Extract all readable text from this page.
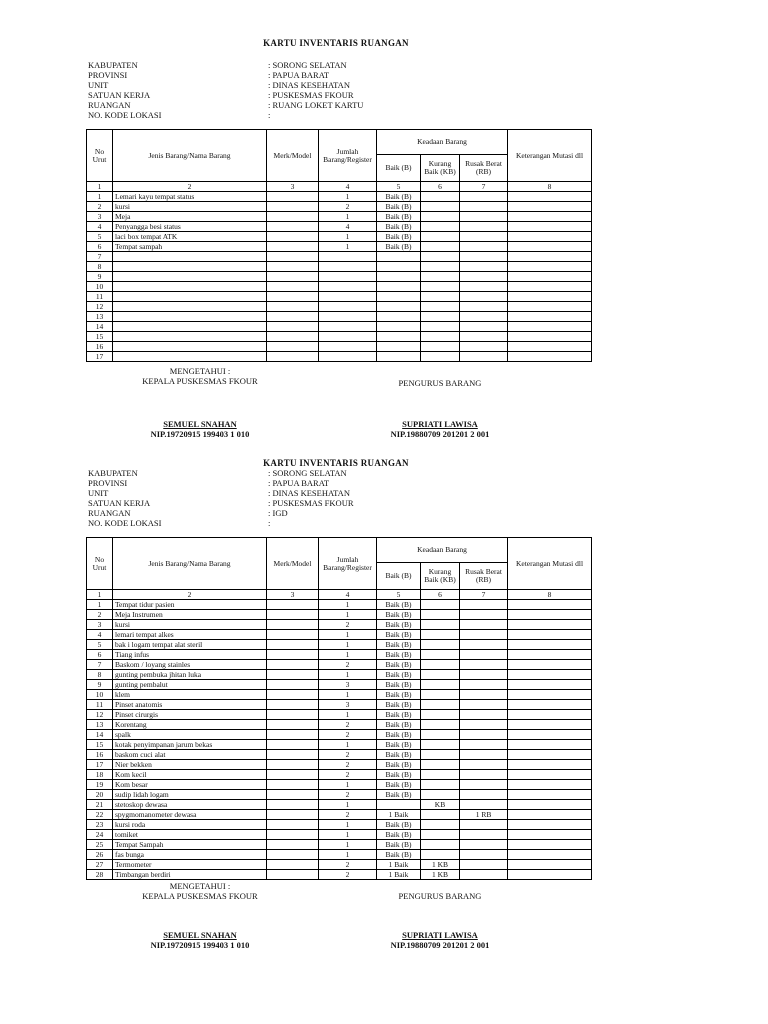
KARTU INVENTARIS RUANGAN
KABUPATEN	: SORONG SELATAN
PROVINSI	: PAPUA BARAT
UNIT	: DINAS KESEHATAN
SATUAN KERJA	: PUSKESMAS FKOUR
RUANGAN	: RUANG LOKET KARTU
NO. KODE LOKASI	:
No Urut	Jenis Barang/Nama Barang	Merk/Model	Jumlah Barang/Register	Keadaan Barang			Keterangan Mutasi dll
				Baik (B)	Kurang Baik (KB)	Rusak Berat (RB)	
1	2	3	4	5	6	7	8
1	Lemari kayu tempat status		1	Baik (B)			
2	kursi		2	Baik (B)			
3	Meja		1	Baik (B)			
4	Penyangga besi status		4	Baik (B)			
5	laci box tempat ATK		1	Baik (B)			
6	Tempat sampah		1	Baik (B)			
7							
8							
9							
10							
11							
12							
13							
14							
15							
16							
17							
MENGETAHUI :
KEPALA PUSKESMAS FKOUR	PENGURUS BARANG
SEMUEL SNAHAN
NIP.19720915 199403 1 010
SUPRIATI LAWISA
NIP.19880709 201201 2 001
KARTU INVENTARIS RUANGAN
KABUPATEN	: SORONG SELATAN
PROVINSI	: PAPUA BARAT
UNIT	: DINAS KESEHATAN
SATUAN KERJA	: PUSKESMAS FKOUR
RUANGAN	: IGD
NO. KODE LOKASI	:
No Urut	Jenis Barang/Nama Barang	Merk/Model	Jumlah Barang/Register	Keadaan Barang			Keterangan Mutasi dll
				Baik (B)	Kurang Baik (KB)	Rusak Berat (RB)	
1	2	3	4	5	6	7	8
1	Tempat tidur pasien		1	Baik (B)			
2	Meja Instrumen		1	Baik (B)			
3	kursi		2	Baik (B)			
4	lemari tempat alkes		1	Baik (B)			
5	bak i logam tempat alat steril		1	Baik (B)			
6	Tiang infus		1	Baik (B)			
7	Baskom / loyang stainles		2	Baik (B)			
8	gunting pembuka jhitan luka		1	Baik (B)			
9	gunting pembalut		3	Baik (B)			
10	klem		1	Baik (B)			
11	Pinset anatomis		3	Baik (B)			
12	Pinset cirurgis		1	Baik (B)			
13	Korentang		2	Baik (B)			
14	spalk		2	Baik (B)			
15	kotak penyimpanan jarum bekas		1	Baik (B)			
16	baskom cuci alat		2	Baik (B)			
17	Nier bekken		2	Baik (B)			
18	Kom kecil		2	Baik (B)			
19	Kom besar		1	Baik (B)			
20	sudip lidah logam		2	Baik (B)			
21	stetoskop dewasa		1		KB		
22	spygmomanometer dewasa		2	1 Baik		1 RB	
23	kursi roda		1	Baik (B)			
24	tomiket		1	Baik (B)			
25	Tempat Sampah		1	Baik (B)			
26	fas bunga		1	Baik (B)			
27	Termometer		2	1 Baik	1 KB		
28	Timbangan berdiri		2	1 Baik	1 KB		
MENGETAHUI :
KEPALA PUSKESMAS FKOUR	PENGURUS BARANG
SEMUEL SNAHAN
NIP.19720915 199403 1 010
SUPRIATI LAWISA
NIP.19880709 201201 2 001
